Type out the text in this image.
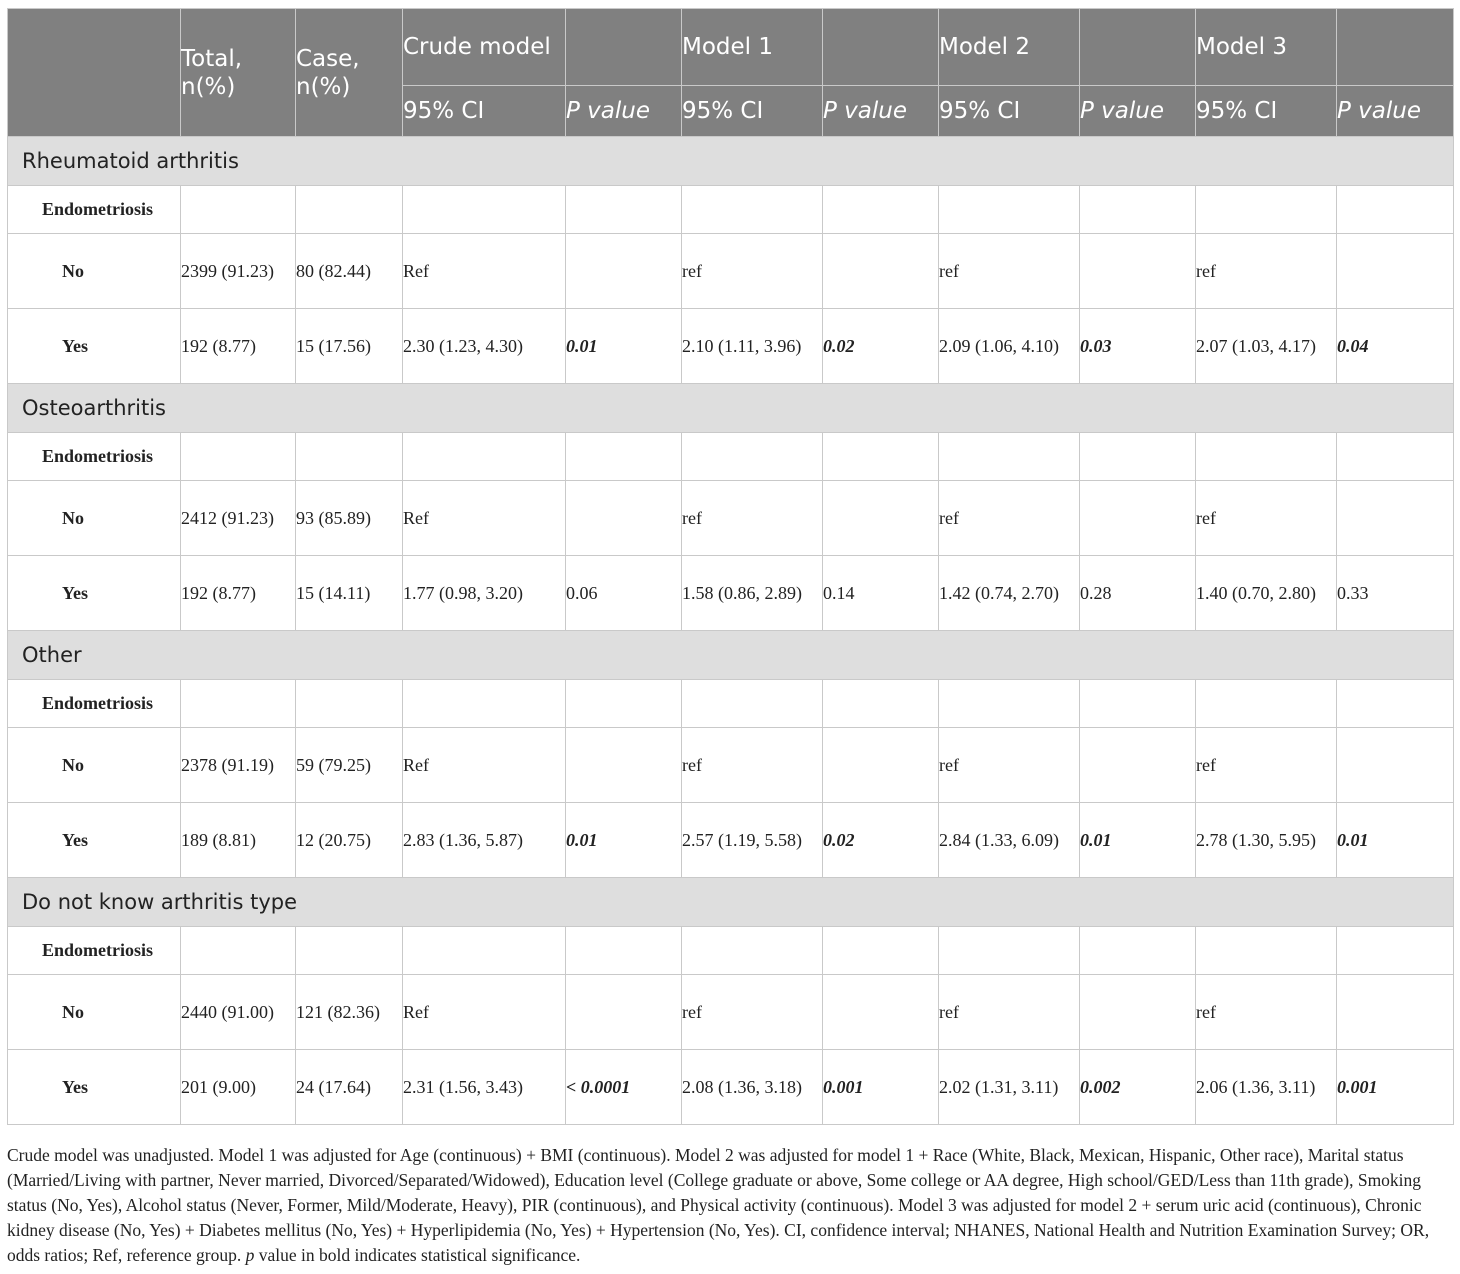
	Total, n(%)	Case, n(%)	Crude model		Model 1		Model 2		Model 3	
			95% CI	P value	95% CI	P value	95% CI	P value	95% CI	P value
Rheumatoid arthritis										
Endometriosis										
No	2399 (91.23)	80 (82.44)	Ref		ref		ref		ref	
Yes	192 (8.77)	15 (17.56)	2.30 (1.23, 4.30)	0.01	2.10 (1.11, 3.96)	0.02	2.09 (1.06, 4.10)	0.03	2.07 (1.03, 4.17)	0.04
Osteoarthritis										
Endometriosis										
No	2412 (91.23)	93 (85.89)	Ref		ref		ref		ref	
Yes	192 (8.77)	15 (14.11)	1.77 (0.98, 3.20)	0.06	1.58 (0.86, 2.89)	0.14	1.42 (0.74, 2.70)	0.28	1.40 (0.70, 2.80)	0.33
Other										
Endometriosis										
No	2378 (91.19)	59 (79.25)	Ref		ref		ref		ref	
Yes	189 (8.81)	12 (20.75)	2.83 (1.36, 5.87)	0.01	2.57 (1.19, 5.58)	0.02	2.84 (1.33, 6.09)	0.01	2.78 (1.30, 5.95)	0.01
Do not know arthritis type										
Endometriosis										
No	2440 (91.00)	121 (82.36)	Ref		ref		ref		ref	
Yes	201 (9.00)	24 (17.64)	2.31 (1.56, 3.43)	< 0.0001	2.08 (1.36, 3.18)	0.001	2.02 (1.31, 3.11)	0.002	2.06 (1.36, 3.11)	0.001
Crude model was unadjusted. Model 1 was adjusted for Age (continuous) + BMI (continuous). Model 2 was adjusted for model 1 + Race (White, Black, Mexican, Hispanic, Other race), Marital status (Married/Living with partner, Never married, Divorced/Separated/Widowed), Education level (College graduate or above, Some college or AA degree, High school/GED/Less than 11th grade), Smoking status (No, Yes), Alcohol status (Never, Former, Mild/Moderate, Heavy), PIR (continuous), and Physical activity (continuous). Model 3 was adjusted for model 2 + serum uric acid (continuous), Chronic kidney disease (No, Yes) + Diabetes mellitus (No, Yes) + Hyperlipidemia (No, Yes) + Hypertension (No, Yes). CI, confidence interval; NHANES, National Health and Nutrition Examination Survey; OR, odds ratios; Ref, reference group. p value in bold indicates statistical significance.
